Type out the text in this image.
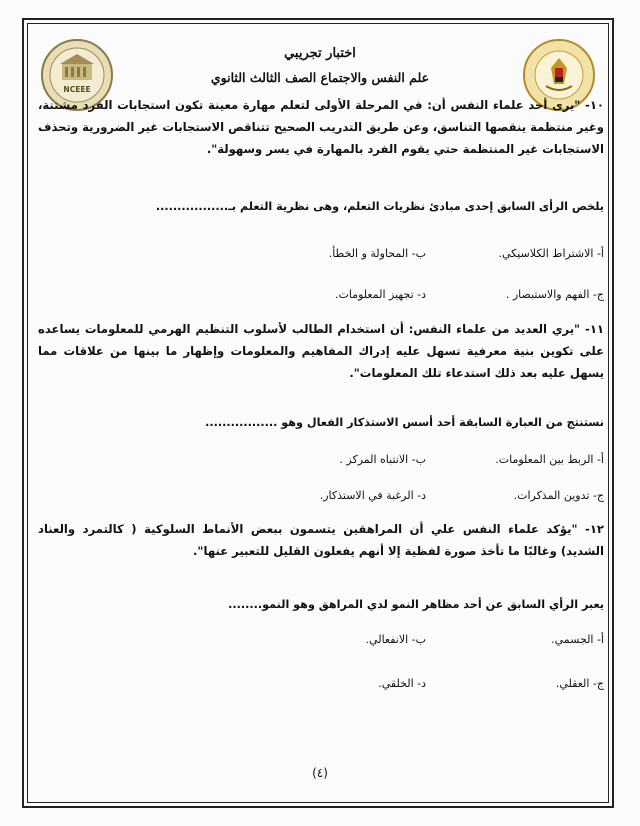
NCEEE
اختبار تجريبي
علم النفس والاجتماع الصف الثالث الثانوي
١٠- "يرى أحد علماء النفس أن: في المرحلة الأولى لتعلم مهارة معينة تكون استجابات الفرد مشتتة، وغير منتظمة ينقصها التناسق، وعن طريق التدريب الصحيح تتناقص الاستجابات غير الضرورية وتحذف الاستجابات غير المنتظمة حتي يقوم الفرد بالمهارة في يسر وسهولة".
يلخص الرأى السابق إحدى مبادئ نظريات التعلم، وهى نظرية التعلم بـ.................
أ- الاشتراط الكلاسيكي.
ب- المحاولة و الخطأ.
ج- الفهم والاستبصار .
د- تجهيز المعلومات.
١١- "يري العديد من علماء النفس: أن استخدام الطالب لأسلوب التنظيم الهرمي للمعلومات يساعده على تكوين بنية معرفية تسهل عليه إدراك المفاهيم والمعلومات وإظهار ما بينها من علاقات مما يسهل عليه بعد ذلك استدعاء تلك المعلومات".
نستنتج من العبارة السابقة أحد أسس الاستذكار الفعال وهو .................
أ- الربط بين المعلومات.
ب- الانتباه المركز .
ج- تدوين المذكرات.
د- الرغبة في الاستذكار.
١٢- "يؤكد علماء النفس علي أن المراهقين يتسمون ببعض الأنماط السلوكية ( كالتمرد والعناد الشديد) وغالبًا ما تأخذ صورة لفظية إلا أنهم يفعلون القليل للتعبير عنها".
يعبر الرأي السابق عن أحد مظاهر النمو لدي المراهق وهو النمو........
أ- الجسمي.
ب- الانفعالي.
ج- العقلي.
د- الخلقي.
(٤)
